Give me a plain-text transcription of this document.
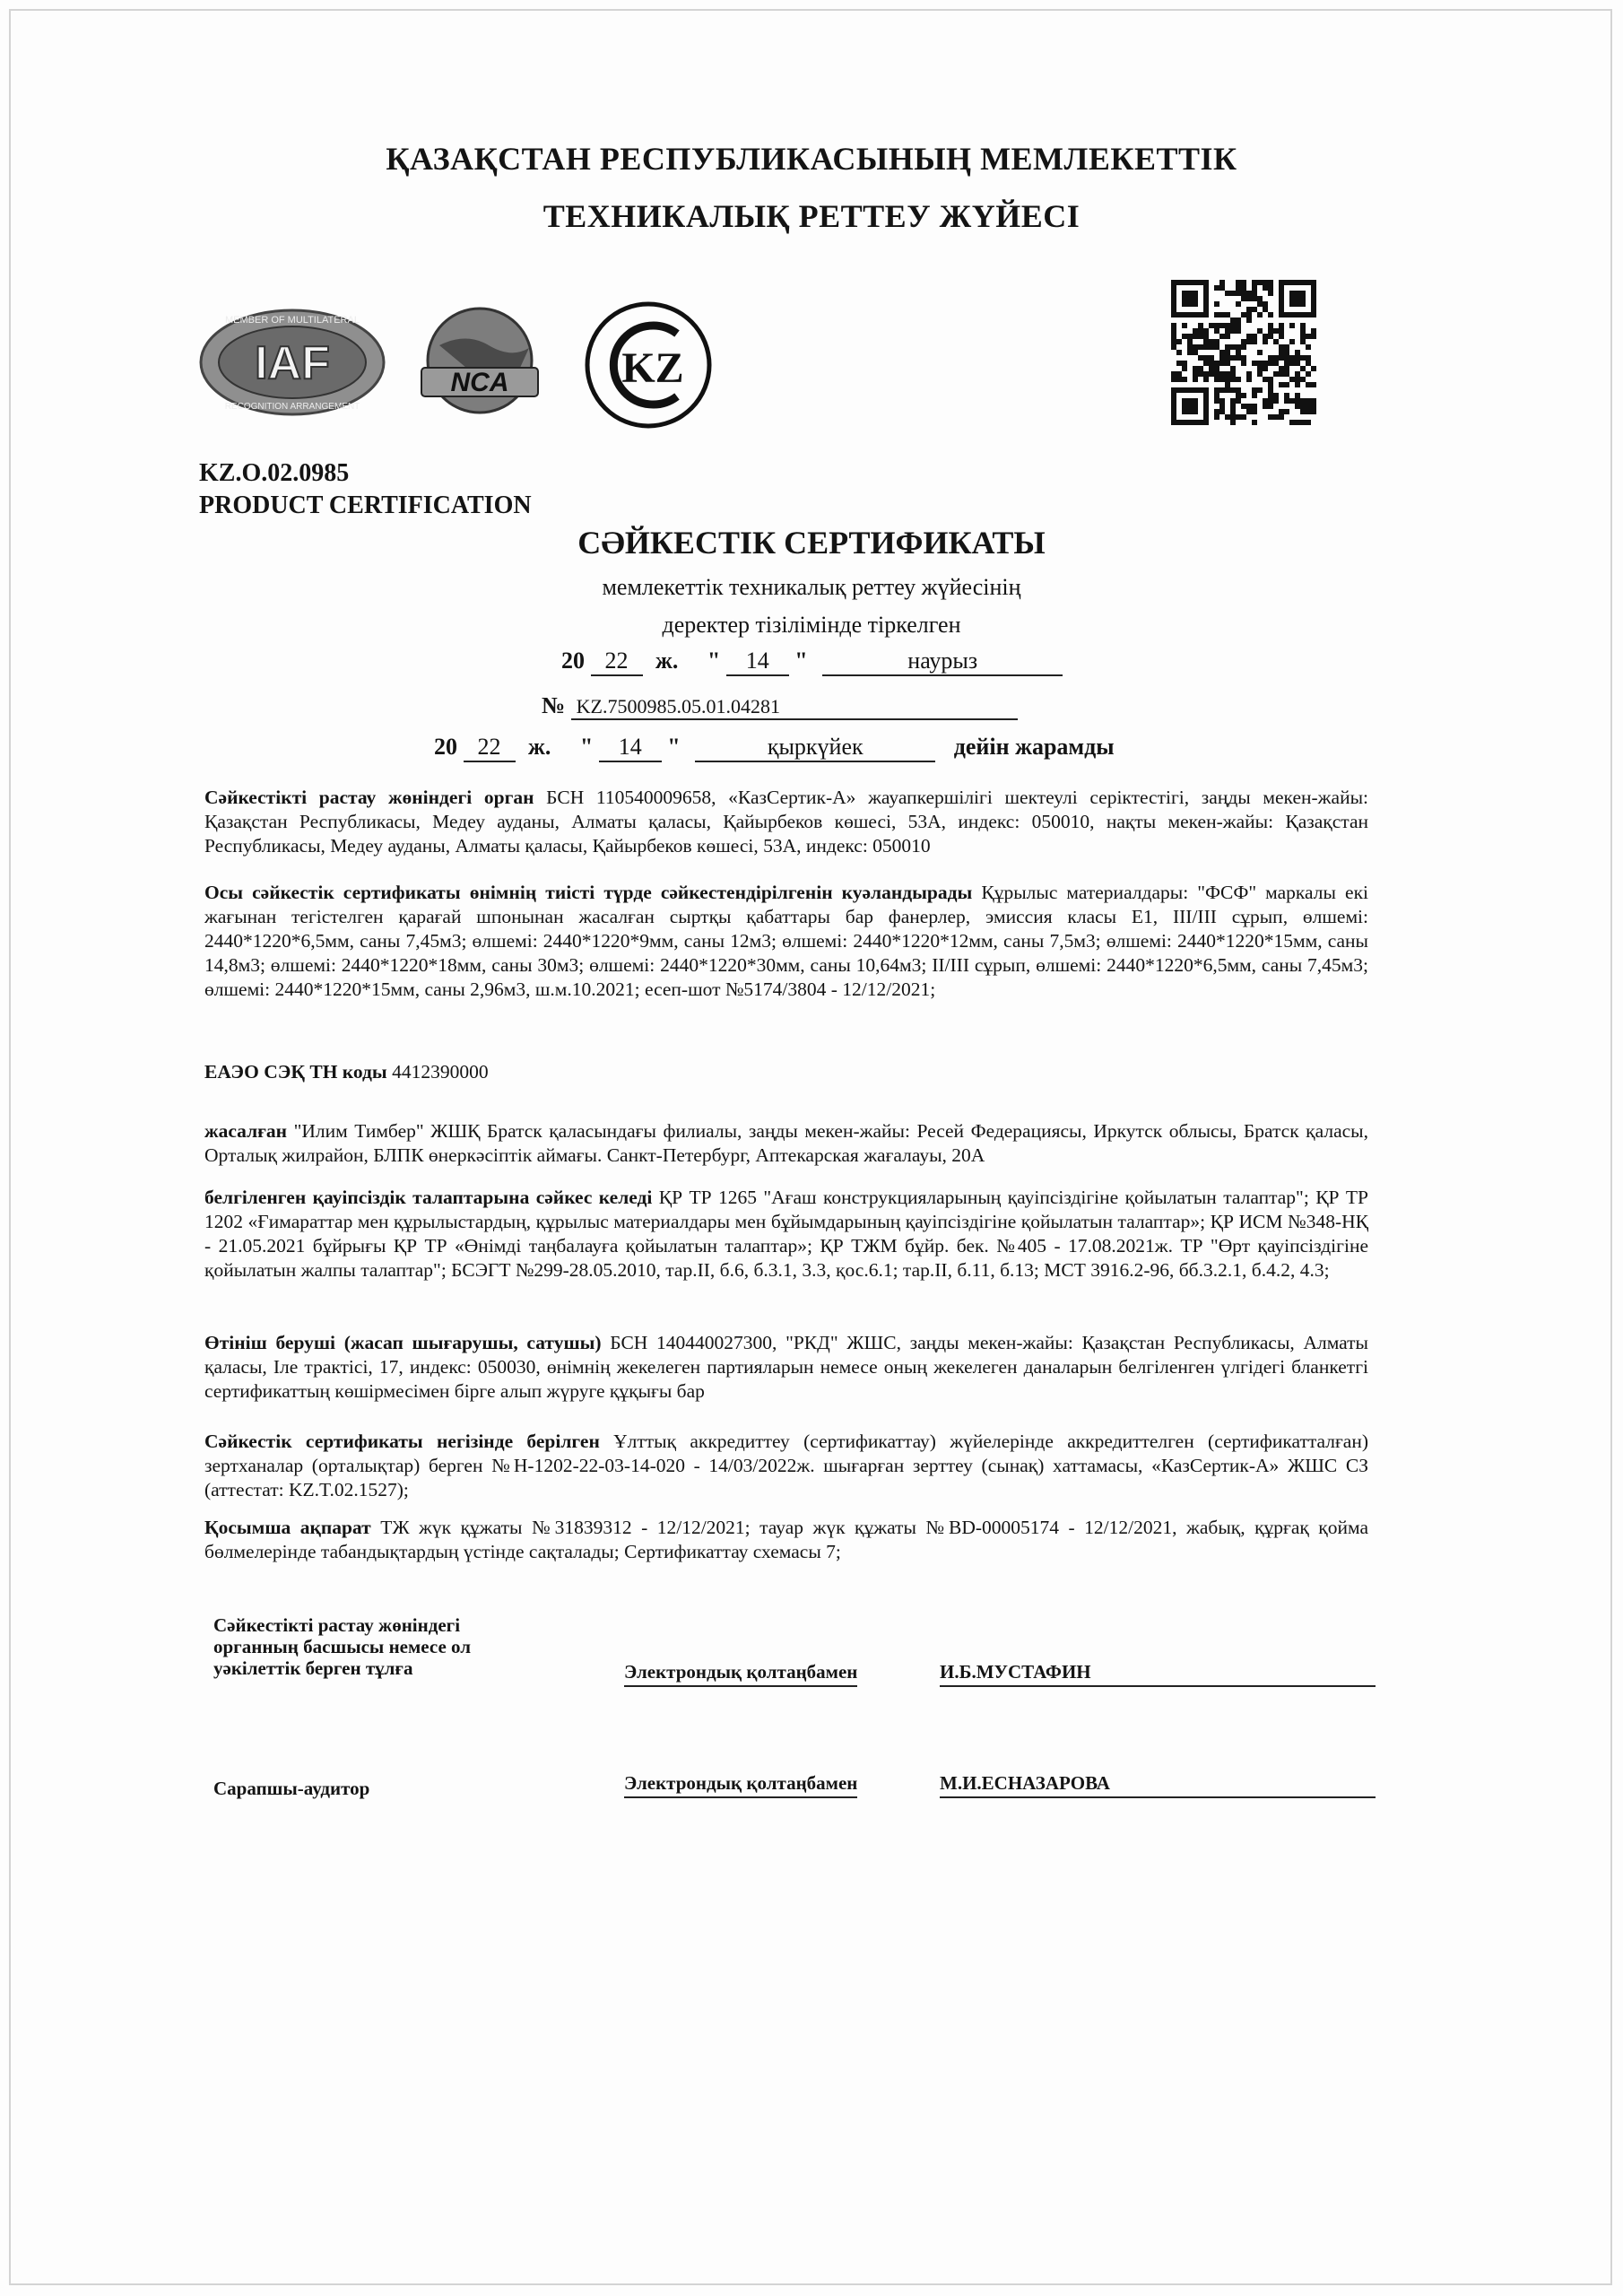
ҚАЗАҚСТАН РЕСПУБЛИКАСЫНЫҢ МЕМЛЕКЕТТІК
ТЕХНИКАЛЫҚ РЕТТЕУ ЖҮЙЕСІ
IAF
MEMBER OF MULTILATERAL
RECOGNITION ARRANGEMENT
NCA	KZ
KZ.O.02.0985
PRODUCT CERTIFICATION
СӘЙКЕСТІК СЕРТИФИКАТЫ
мемлекеттік техникалық реттеу жүйесінің
деректер тізілімінде тіркелген
20 22 ж. " 14 "	наурыз
№ KZ.7500985.05.01.04281
20 22 ж. " 14 "	қыркүйек	дейін жарамды
Сәйкестікті растау жөніндегі орган БСН 110540009658, «КазСертик-А» жауапкершілігі шектеулі серіктестігі, заңды мекен-жайы: Қазақстан Республикасы, Медеу ауданы, Алматы қаласы, Қайырбеков көшесі, 53А, индекс: 050010, нақты мекен-жайы: Қазақстан Республикасы, Медеу ауданы, Алматы қаласы, Қайырбеков көшесі, 53А, индекс: 050010
Осы сәйкестік сертификаты өнімнің тиісті түрде сәйкестендірілгенін куәландырады Құрылыс материалдары: "ФСФ" маркалы екі жағынан тегістелген қарағай шпонынан жасалған сыртқы қабаттары бар фанерлер, эмиссия класы Е1, III/III сұрып, өлшемі: 2440*1220*6,5мм, саны 7,45м3; өлшемі: 2440*1220*9мм, саны 12м3; өлшемі: 2440*1220*12мм, саны 7,5м3; өлшемі: 2440*1220*15мм, саны 14,8м3; өлшемі: 2440*1220*18мм, саны 30м3; өлшемі: 2440*1220*30мм, саны 10,64м3; II/III сұрып, өлшемі: 2440*1220*6,5мм, саны 7,45м3; өлшемі: 2440*1220*15мм, саны 2,96м3, ш.м.10.2021; есеп-шот №5174/3804 - 12/12/2021;
ЕАЭО СЭҚ ТН коды 4412390000
жасалған "Илим Тимбер" ЖШҚ Братск қаласындағы филиалы, заңды мекен-жайы: Ресей Федерациясы, Иркутск облысы, Братск қаласы, Орталық жилрайон, БЛПК өнеркәсіптік аймағы. Санкт-Петербург, Аптекарская жағалауы, 20А
белгіленген қауіпсіздік талаптарына сәйкес келеді ҚР ТР 1265 "Ағаш конструкцияларының қауіпсіздігіне қойылатын талаптар"; ҚР ТР 1202 «Ғимараттар мен құрылыстардың, құрылыс материалдары мен бұйымдарының қауіпсіздігіне қойылатын талаптар»; ҚР ИСМ №348-НҚ - 21.05.2021 бұйрығы ҚР ТР «Өнімді таңбалауға қойылатын талаптар»; ҚР ТЖМ бұйр. бек. №405 - 17.08.2021ж. ТР "Өрт қауіпсіздігіне қойылатын жалпы талаптар"; БСЭГТ №299-28.05.2010, тар.II, б.6, б.3.1, 3.3, қос.6.1; тар.II, б.11, б.13; МСТ 3916.2-96, бб.3.2.1, б.4.2, 4.3;
Өтініш беруші (жасап шығарушы, сатушы) БСН 140440027300, "РКД" ЖШС, заңды мекен-жайы: Қазақстан Республикасы, Алматы қаласы, Іле трактісі, 17, индекс: 050030, өнімнің жекелеген партияларын немесе оның жекелеген даналарын белгіленген үлгідегі бланкетгі сертификаттың көшірмесімен бірге алып жүруге құқығы бар
Сәйкестік сертификаты негізінде берілген Ұлттық аккредиттеу (сертификаттау) жүйелерінде аккредиттелген (сертификатталған) зертханалар (орталықтар) берген №Н-1202-22-03-14-020 - 14/03/2022ж. шығарған зерттеу (сынақ) хаттамасы, «КазСертик-А» ЖШС СЗ (аттестат: KZ.T.02.1527);
Қосымша ақпарат ТЖ жүк құжаты №31839312 - 12/12/2021; тауар жүк құжаты №BD-00005174 - 12/12/2021, жабық, құрғақ қойма бөлмелерінде табандықтардың үстінде сақталады; Сертификаттау схемасы 7;
Сәйкестікті растау жөніндегі
органның басшысы немесе ол
уәкілеттік берген тұлға	Электрондық қолтаңбамен	И.Б.МУСТАФИН
Сарапшы-аудитор	Электрондық қолтаңбамен	М.И.ЕСНАЗАРОВА
